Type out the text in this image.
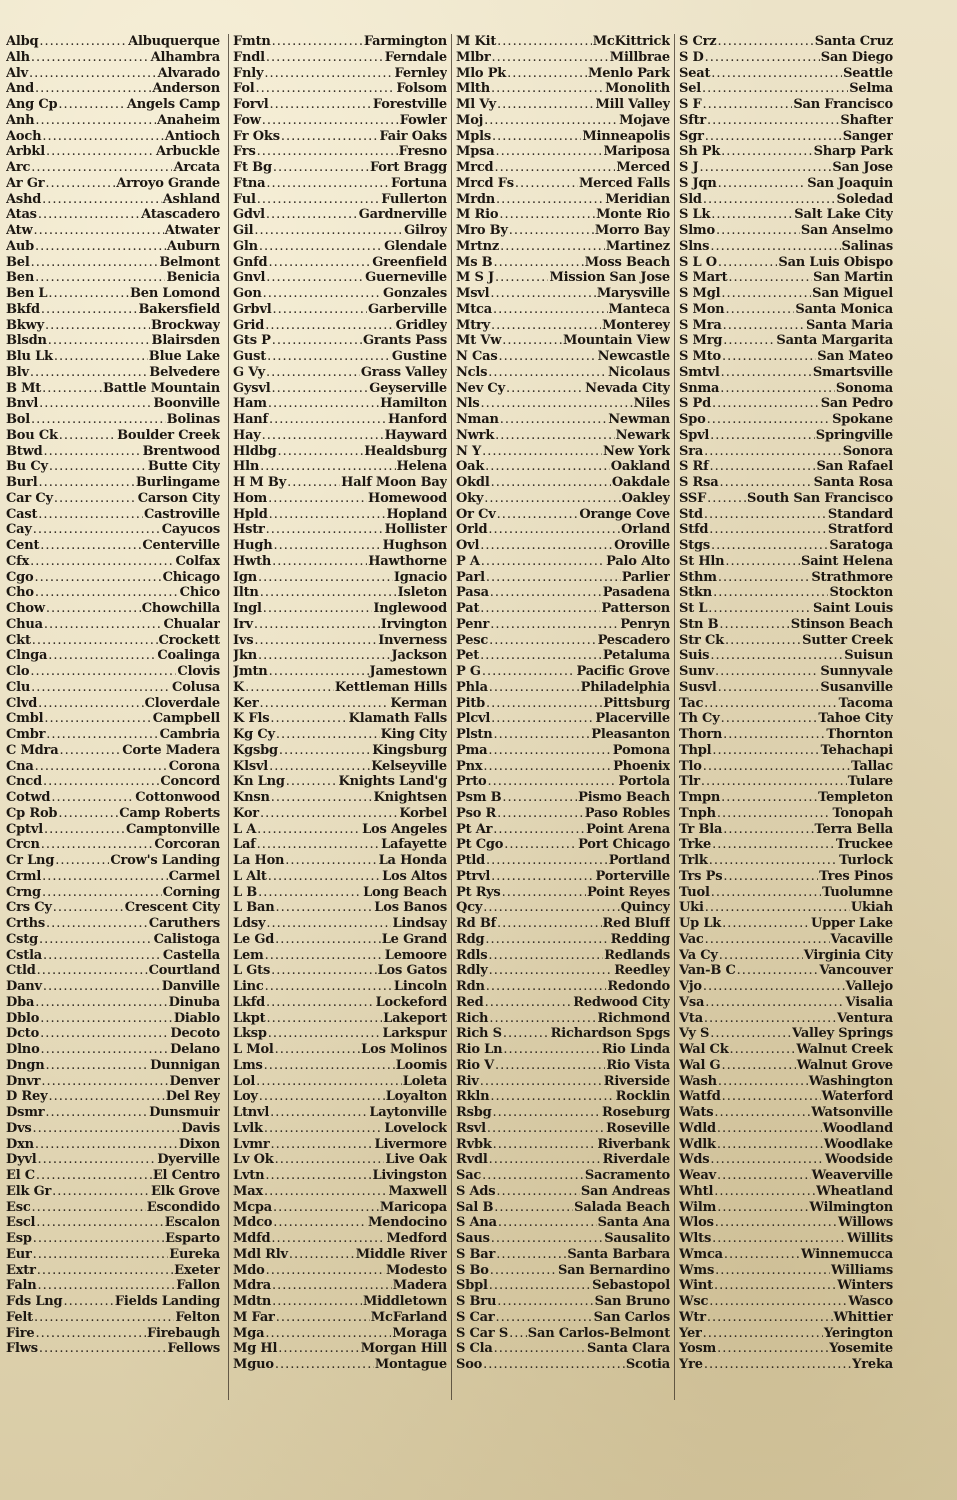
Albq .....	Albuquerque
Alh .....	Alhambra
Alv .....	Alvarado
And .....	Anderson
Ang Cp .....	Angels Camp
Anh .....	Anaheim
Aoch .....	Antioch
Arbkl .....	Arbuckle
Arc .....	Arcata
Ar Gr .....	Arroyo Grande
Ashd .....	Ashland
Atas .....	Atascadero
Atw .....	Atwater
Aub .....	Auburn
Bel .....	Belmont
Ben .....	Benicia
Ben L .....	Ben Lomond
Bkfd .....	Bakersfield
Bkwy .....	Brockway
Blsdn .....	Blairsden
Blu Lk .....	Blue Lake
Blv .....	Belvedere
B Mt .....	Battle Mountain
Bnvl .....	Boonville
Bol .....	Bolinas
Bou Ck .....	Boulder Creek
Btwd .....	Brentwood
Bu Cy .....	Butte City
Burl .....	Burlingame
Car Cy .....	Carson City
Cast .....	Castroville
Cay .....	Cayucos
Cent .....	Centerville
Cfx .....	Colfax
Cgo .....	Chicago
Cho .....	Chico
Chow .....	Chowchilla
Chua .....	Chualar
Ckt .....	Crockett
Clnga .....	Coalinga
Clo .....	Clovis
Clu .....	Colusa
Clvd .....	Cloverdale
Cmbl .....	Campbell
Cmbr .....	Cambria
C Mdra .....	Corte Madera
Cna .....	Corona
Cncd .....	Concord
Cotwd .....	Cottonwood
Cp Rob .....	Camp Roberts
Cptvl .....	Camptonville
Crcn .....	Corcoran
Cr Lng .....	Crow's Landing
Crml .....	Carmel
Crng .....	Corning
Crs Cy .....	Crescent City
Crths .....	Caruthers
Cstg .....	Calistoga
Cstla .....	Castella
Ctld .....	Courtland
Danv .....	Danville
Dba .....	Dinuba
Dblo .....	Diablo
Dcto .....	Decoto
Dlno .....	Delano
Dngn .....	Dunnigan
Dnvr .....	Denver
D Rey .....	Del Rey
Dsmr .....	Dunsmuir
Dvs .....	Davis
Dxn .....	Dixon
Dyvl .....	Dyerville
El C .....	El Centro
Elk Gr .....	Elk Grove
Esc .....	Escondido
Escl .....	Escalon
Esp .....	Esparto
Eur .....	Eureka
Extr .....	Exeter
Faln .....	Fallon
Fds Lng .....	Fields Landing
Felt .....	Felton
Fire .....	Firebaugh
Flws .....	Fellows
Fmtn .....	Farmington
Fndl .....	Ferndale
Fnly .....	Fernley
Fol .....	Folsom
Forvl .....	Forestville
Fow .....	Fowler
Fr Oks .....	Fair Oaks
Frs .....	Fresno
Ft Bg .....	Fort Bragg
Ftna .....	Fortuna
Ful .....	Fullerton
Gdvl .....	Gardnerville
Gil .....	Gilroy
Gln .....	Glendale
Gnfd .....	Greenfield
Gnvl .....	Guerneville
Gon .....	Gonzales
Grbvl .....	Garberville
Grid .....	Gridley
Gts P .....	Grants Pass
Gust .....	Gustine
G Vy .....	Grass Valley
Gysvl .....	Geyserville
Ham .....	Hamilton
Hanf .....	Hanford
Hay .....	Hayward
Hldbg .....	Healdsburg
Hln .....	Helena
H M By .....	Half Moon Bay
Hom .....	Homewood
Hpld .....	Hopland
Hstr .....	Hollister
Hugh .....	Hughson
Hwth .....	Hawthorne
Ign .....	Ignacio
Iltn .....	Isleton
Ingl .....	Inglewood
Irv .....	Irvington
Ivs .....	Inverness
Jkn .....	Jackson
Jmtn .....	Jamestown
K .....	Kettleman Hills
Ker .....	Kerman
K Fls .....	Klamath Falls
Kg Cy .....	King City
Kgsbg .....	Kingsburg
Klsvl .....	Kelseyville
Kn Lng .....	Knights Land'g
Knsn .....	Knightsen
Kor .....	Korbel
L A .....	Los Angeles
Laf .....	Lafayette
La Hon .....	La Honda
L Alt .....	Los Altos
L B .....	Long Beach
L Ban .....	Los Banos
Ldsy .....	Lindsay
Le Gd .....	Le Grand
Lem .....	Lemoore
L Gts .....	Los Gatos
Linc .....	Lincoln
Lkfd .....	Lockeford
Lkpt .....	Lakeport
Lksp .....	Larkspur
L Mol .....	Los Molinos
Lms .....	Loomis
Lol .....	Loleta
Loy .....	Loyalton
Ltnvl .....	Laytonville
Lvlk .....	Lovelock
Lvmr .....	Livermore
Lv Ok .....	Live Oak
Lvtn .....	Livingston
Max .....	Maxwell
Mcpa .....	Maricopa
Mdco .....	Mendocino
Mdfd .....	Medford
Mdl Rlv .....	Middle River
Mdo .....	Modesto
Mdra .....	Madera
Mdtn .....	Middletown
M Far .....	McFarland
Mga .....	Moraga
Mg Hl .....	Morgan Hill
Mguo .....	Montague
M Kit .....	McKittrick
Mlbr .....	Millbrae
Mlo Pk .....	Menlo Park
Mlth .....	Monolith
Ml Vy .....	Mill Valley
Moj .....	Mojave
Mpls .....	Minneapolis
Mpsa .....	Mariposa
Mrcd .....	Merced
Mrcd Fs .....	Merced Falls
Mrdn .....	Meridian
M Rio .....	Monte Rio
Mro By .....	Morro Bay
Mrtnz .....	Martinez
Ms B .....	Moss Beach
M S J .....	Mission San Jose
Msvl .....	Marysville
Mtca .....	Manteca
Mtry .....	Monterey
Mt Vw .....	Mountain View
N Cas .....	Newcastle
Ncls .....	Nicolaus
Nev Cy .....	Nevada City
Nls .....	Niles
Nman .....	Newman
Nwrk .....	Newark
N Y .....	New York
Oak .....	Oakland
Okdl .....	Oakdale
Oky .....	Oakley
Or Cv .....	Orange Cove
Orld .....	Orland
Ovl .....	Oroville
P A .....	Palo Alto
Parl .....	Parlier
Pasa .....	Pasadena
Pat .....	Patterson
Penr .....	Penryn
Pesc .....	Pescadero
Pet .....	Petaluma
P G .....	Pacific Grove
Phla .....	Philadelphia
Pitb .....	Pittsburg
Plcvl .....	Placerville
Plstn .....	Pleasanton
Pma .....	Pomona
Pnx .....	Phoenix
Prto .....	Portola
Psm B .....	Pismo Beach
Pso R .....	Paso Robles
Pt Ar .....	Point Arena
Pt Cgo .....	Port Chicago
Ptld .....	Portland
Ptrvl .....	Porterville
Pt Rys .....	Point Reyes
Qcy .....	Quincy
Rd Bf .....	Red Bluff
Rdg .....	Redding
Rdls .....	Redlands
Rdly .....	Reedley
Rdn .....	Redondo
Red .....	Redwood City
Rich .....	Richmond
Rich S .....	Richardson Spgs
Rio Ln .....	Rio Linda
Rio V .....	Rio Vista
Riv .....	Riverside
Rkln .....	Rocklin
Rsbg .....	Roseburg
Rsvl .....	Roseville
Rvbk .....	Riverbank
Rvdl .....	Riverdale
Sac .....	Sacramento
S Ads .....	San Andreas
Sal B .....	Salada Beach
S Ana .....	Santa Ana
Saus .....	Sausalito
S Bar .....	Santa Barbara
S Bo .....	San Bernardino
Sbpl .....	Sebastopol
S Bru .....	San Bruno
S Car .....	San Carlos
S Car S ..... San Carlos-Belmont
S Cla .....	Santa Clara
Soo .....	Scotia
S Crz .....	Santa Cruz
S D .....	San Diego
Seat .....	Seattle
Sel .....	Selma
S F .....	San Francisco
Sftr .....	Shafter
Sgr .....	Sanger
Sh Pk .....	Sharp Park
S J .....	San Jose
S Jqn .....	San Joaquin
Sld .....	Soledad
S Lk .....	Salt Lake City
Slmo .....	San Anselmo
Slns .....	Salinas
S L O .....	San Luis Obispo
S Mart .....	San Martin
S Mgl .....	San Miguel
S Mon .....	Santa Monica
S Mra .....	Santa Maria
S Mrg .....	Santa Margarita
S Mto .....	San Mateo
Smtvl .....	Smartsville
Snma .....	Sonoma
S Pd .....	San Pedro
Spo .....	Spokane
Spvl .....	Springville
Sra .....	Sonora
S Rf .....	San Rafael
S Rsa .....	Santa Rosa
SSF .....	South San Francisco
Std .....	Standard
Stfd .....	Stratford
Stgs .....	Saratoga
St Hln .....	Saint Helena
Sthm .....	Strathmore
Stkn .....	Stockton
St L .....	Saint Louis
Stn B .....	Stinson Beach
Str Ck .....	Sutter Creek
Suis .....	Suisun
Sunv .....	Sunnyvale
Susvl .....	Susanville
Tac .....	Tacoma
Th Cy .....	Tahoe City
Thorn .....	Thornton
Thpl .....	Tehachapi
Tlo .....	Tallac
Tlr .....	Tulare
Tmpn .....	Templeton
Tnph .....	Tonopah
Tr Bla .....	Terra Bella
Trke .....	Truckee
Trlk .....	Turlock
Trs Ps .....	Tres Pinos
Tuol .....	Tuolumne
Uki .....	Ukiah
Up Lk .....	Upper Lake
Vac .....	Vacaville
Va Cy .....	Virginia City
Van-B C .....	Vancouver
Vjo .....	Vallejo
Vsa .....	Visalia
Vta .....	Ventura
Vy S .....	Valley Springs
Wal Ck .....	Walnut Creek
Wal G .....	Walnut Grove
Wash .....	Washington
Watfd .....	Waterford
Wats .....	Watsonville
Wdld .....	Woodland
Wdlk .....	Woodlake
Wds .....	Woodside
Weav .....	Weaverville
Whtl .....	Wheatland
Wilm .....	Wilmington
Wlos .....	Willows
Wlts .....	Willits
Wmca .....	Winnemucca
Wms .....	Williams
Wint .....	Winters
Wsc .....	Wasco
Wtr .....	Whittier
Yer .....	Yerington
Yosm .....	Yosemite
Yre .....	Yreka
